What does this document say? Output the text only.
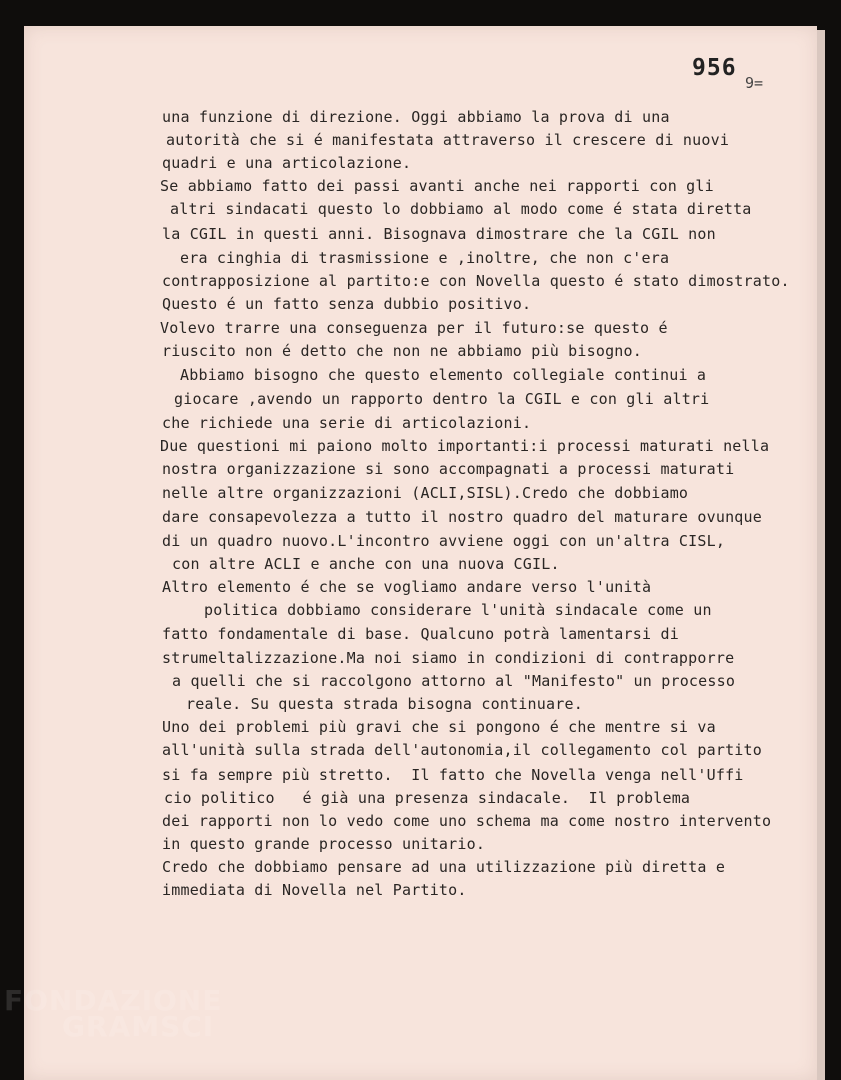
956
9=
una funzione di direzione. Oggi abbiamo la prova di una
autorità che si é manifestata attraverso il crescere di nuovi
quadri e una articolazione.
Se abbiamo fatto dei passi avanti anche nei rapporti con gli
altri sindacati questo lo dobbiamo al modo come é stata diretta
la CGIL in questi anni. Bisognava dimostrare che la CGIL non
era cinghia di trasmissione e ,inoltre, che non c'era
contrapposizione al partito:e con Novella questo é stato dimostrato.
Questo é un fatto senza dubbio positivo.
Volevo trarre una conseguenza per il futuro:se questo é
riuscito non é detto che non ne abbiamo più bisogno.
Abbiamo bisogno che questo elemento collegiale continui a
giocare ,avendo un rapporto dentro la CGIL e con gli altri
che richiede una serie di articolazioni.
Due questioni mi paiono molto importanti:i processi maturati nella
nostra organizzazione si sono accompagnati a processi maturati
nelle altre organizzazioni (ACLI,SISL).Credo che dobbiamo
dare consapevolezza a tutto il nostro quadro del maturare ovunque
di un quadro nuovo.L'incontro avviene oggi con un'altra CISL,
con altre ACLI e anche con una nuova CGIL.
Altro elemento é che se vogliamo andare verso l'unità
politica dobbiamo considerare l'unità sindacale come un
fatto fondamentale di base. Qualcuno potrà lamentarsi di
strumeltalizzazione.Ma noi siamo in condizioni di contrapporre
a quelli che si raccolgono attorno al "Manifesto" un processo
reale. Su questa strada bisogna continuare.
Uno dei problemi più gravi che si pongono é che mentre si va
all'unità sulla strada dell'autonomia,il collegamento col partito
si fa sempre più stretto.  Il fatto che Novella venga nell'Uffi
cio politico   é già una presenza sindacale.  Il problema
dei rapporti non lo vedo come uno schema ma come nostro intervento
in questo grande processo unitario.
Credo che dobbiamo pensare ad una utilizzazione più diretta e
immediata di Novella nel Partito.
FONDAZIONE
GRAMSCI
